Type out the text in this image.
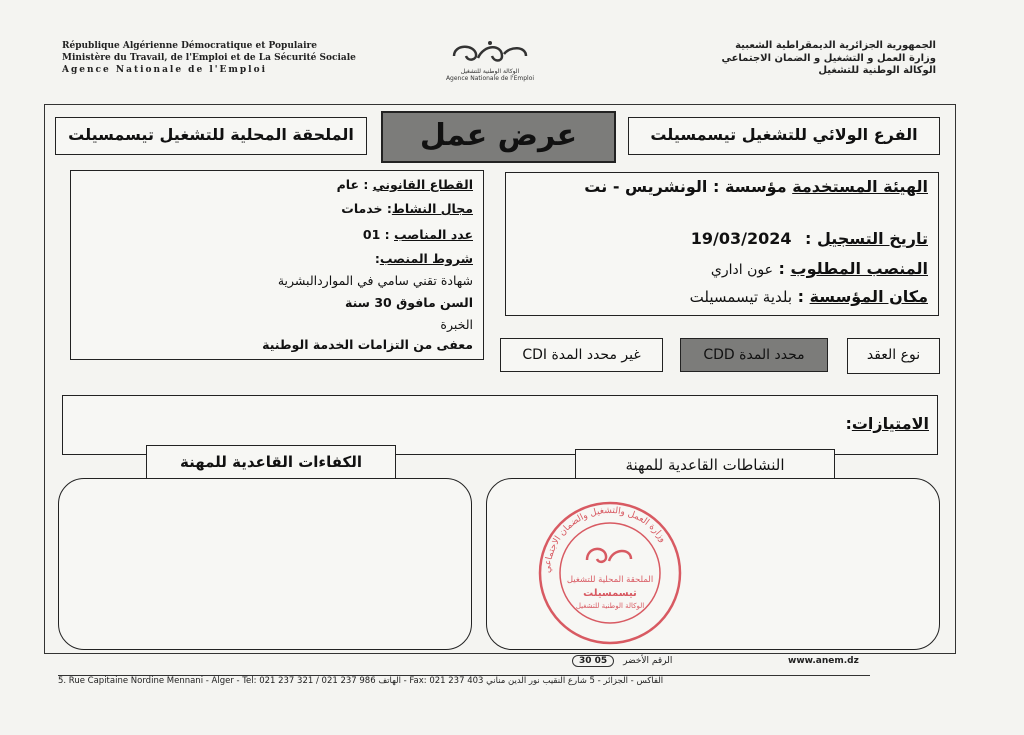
République Algérienne Démocratique et Populaire
Ministère du Travail, de l'Emploi et de La Sécurité Sociale
Agence Nationale de l'Emploi	الوكالة الوطنية للتشغيل
Agence Nationale de l'Emploi
الجمهورية الجزائرية الديمقراطية الشعبية
وزارة العمل و التشغيل و الضمان الاجتماعي
الوكالة الوطنية للتشغيل
الملحقة المحلية للتشغيل تيسمسيلت	عرض عمل	الفرع الولائي للتشغيل تيسمسيلت
الهيئة المستخدمة مؤسسة : الونشريس - نت
تاريخ التسجيل : 19/03/2024
المنصب المطلوب : عون اداري
مكان المؤسسة : بلدية تيسمسيلت
القطاع القانوني : عام
مجال النشاط: خدمات
عدد المناصب : 01
شروط المنصب:
شهادة تقني سامي في المواردالبشرية
السن مافوق 30 سنة
الخبرة
معفى من التزامات الخدمة الوطنية
نوع العقد
محدد المدة CDD
غير محدد المدة CDI
الامتيازات:
الكفاءات القاعدية للمهنة	النشاطات القاعدية للمهنة
وزارة العمل والتشغيل والضمان الاجتماعي
الملحقة المحلية للتشغيل
تيسمسيلت
الوكالة الوطنية للتشغيل
30 05 الرقم الأخضر	www.anem.dz
5. Rue Capitaine Nordine Mennani - Alger - Tel: 021 237 321 / 021 237 986 الهاتف - Fax: 021 237 403 الفاكس - الجزائر - 5 شارع النقيب نور الدين مناني
